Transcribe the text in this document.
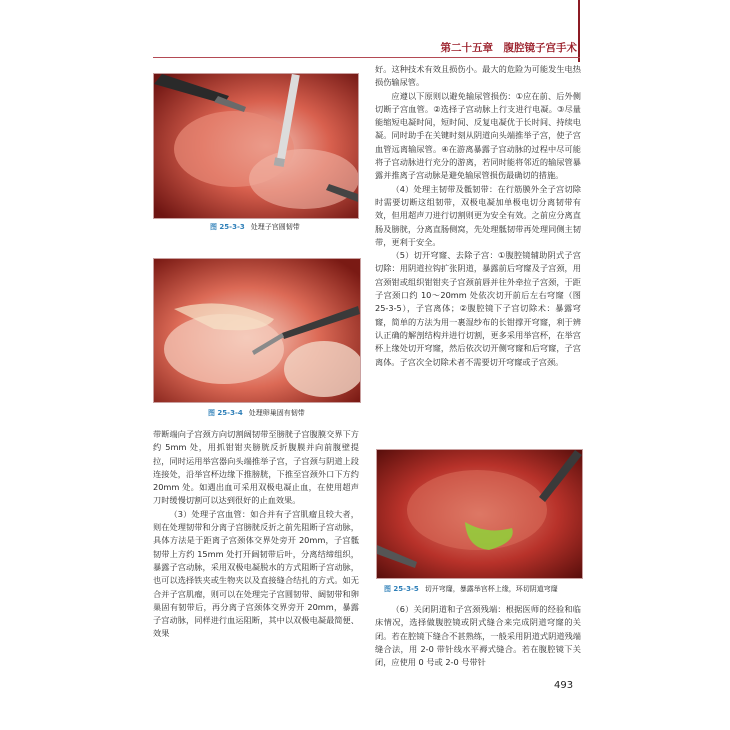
第二十五章　腹腔镜子宫手术
图 25-3-3 处理子宫圆韧带
图 25-3-4 处理卵巢固有韧带

带断端向子宫颈方向切割阔韧带至膀胱子宫腹膜交界下方约 5mm 处，用抓钳钳夹膀胱反折腹膜并向前腹壁提拉，同时运用举宫器向头端推举子宫，子宫颈与阴道上段连接处，沿举宫杯边缘下推膀胱，下推至宫颈外口下方约 20mm 处。如遇出血可采用双极电凝止血，在使用超声刀时缓慢切割可以达到很好的止血效果。

（3）处理子宫血管：如合并有子宫肌瘤且较大者，则在处理韧带和分离子宫膀胱反折之前先阻断子宫动脉，具体方法是于距离子宫颈体交界处旁开 20mm，子宫骶韧带上方约 15mm 处打开阔韧带后叶，分离结缔组织，暴露子宫动脉，采用双极电凝脱水的方式阻断子宫动脉，也可以选择铁夹或生物夹以及直接缝合结扎的方式。如无合并子宫肌瘤，则可以在处理完子宫圆韧带、阔韧带和卵巢固有韧带后，再分离子宫颈体交界旁开 20mm，暴露子宫动脉，同样进行血运阻断，其中以双极电凝最简便、效果

好。这种技术有效且损伤小。最大的危险为可能发生电热损伤输尿管。

应遵以下原则以避免输尿管损伤：①应在前、后外侧切断子宫血管。②选择子宫动脉上行支进行电凝。③尽量能缩短电凝时间，短时间、反复电凝优于长时间、持续电凝。同时助手在关键时刻从阴道向头端推举子宫，使子宫血管远离输尿管。④在游离暴露子宫动脉的过程中尽可能将子宫动脉进行充分的游离，若同时能将邻近的输尿管暴露并推离子宫动脉是避免输尿管损伤最确切的措施。

（4）处理主韧带及骶韧带：在行筋膜外全子宫切除时需要切断这组韧带，双极电凝加单极电切分离韧带有效，但用超声刀进行切割则更为安全有效。之前应分离直肠及膀胱，分离直肠侧窝，先处理骶韧带再处理同侧主韧带，更利于安全。

（5）切开穹窿、去除子宫：①腹腔镜辅助阴式子宫切除：用阴道拉钩扩张阴道，暴露前后穹窿及子宫颈，用宫颈钳或组织钳钳夹子宫颈前唇并往外牵拉子宫颈，于距子宫颈口约 10～20mm 处依次切开前后左右穹窿（图 25-3-5），子宫离体；②腹腔镜下子宫切除术：暴露穹窿，简单的方法为用一裹湿纱布的长钳撑开穹窿，利于辨认正确的解剖结构并进行切割，更多采用举宫杯，在举宫杯上缘处切开穹窿，然后依次切开侧穹窿和后穹窿，子宫离体。子宫次全切除术者不需要切开穹窿或子宫颈。

图 25-3-5 切开穹窿，暴露举宫杯上缘，环切阴道穹窿

（6）关闭阴道和子宫颈残端：根据医师的经验和临床情况，选择做腹腔镜或阴式缝合来完成阴道穹窿的关闭。若在腔镜下缝合不甚熟练，一般采用阴道式阴道残端缝合法，用 2-0 带针线水平褥式缝合。若在腹腔镜下关闭，应使用 0 号或 2-0 号带针

493
